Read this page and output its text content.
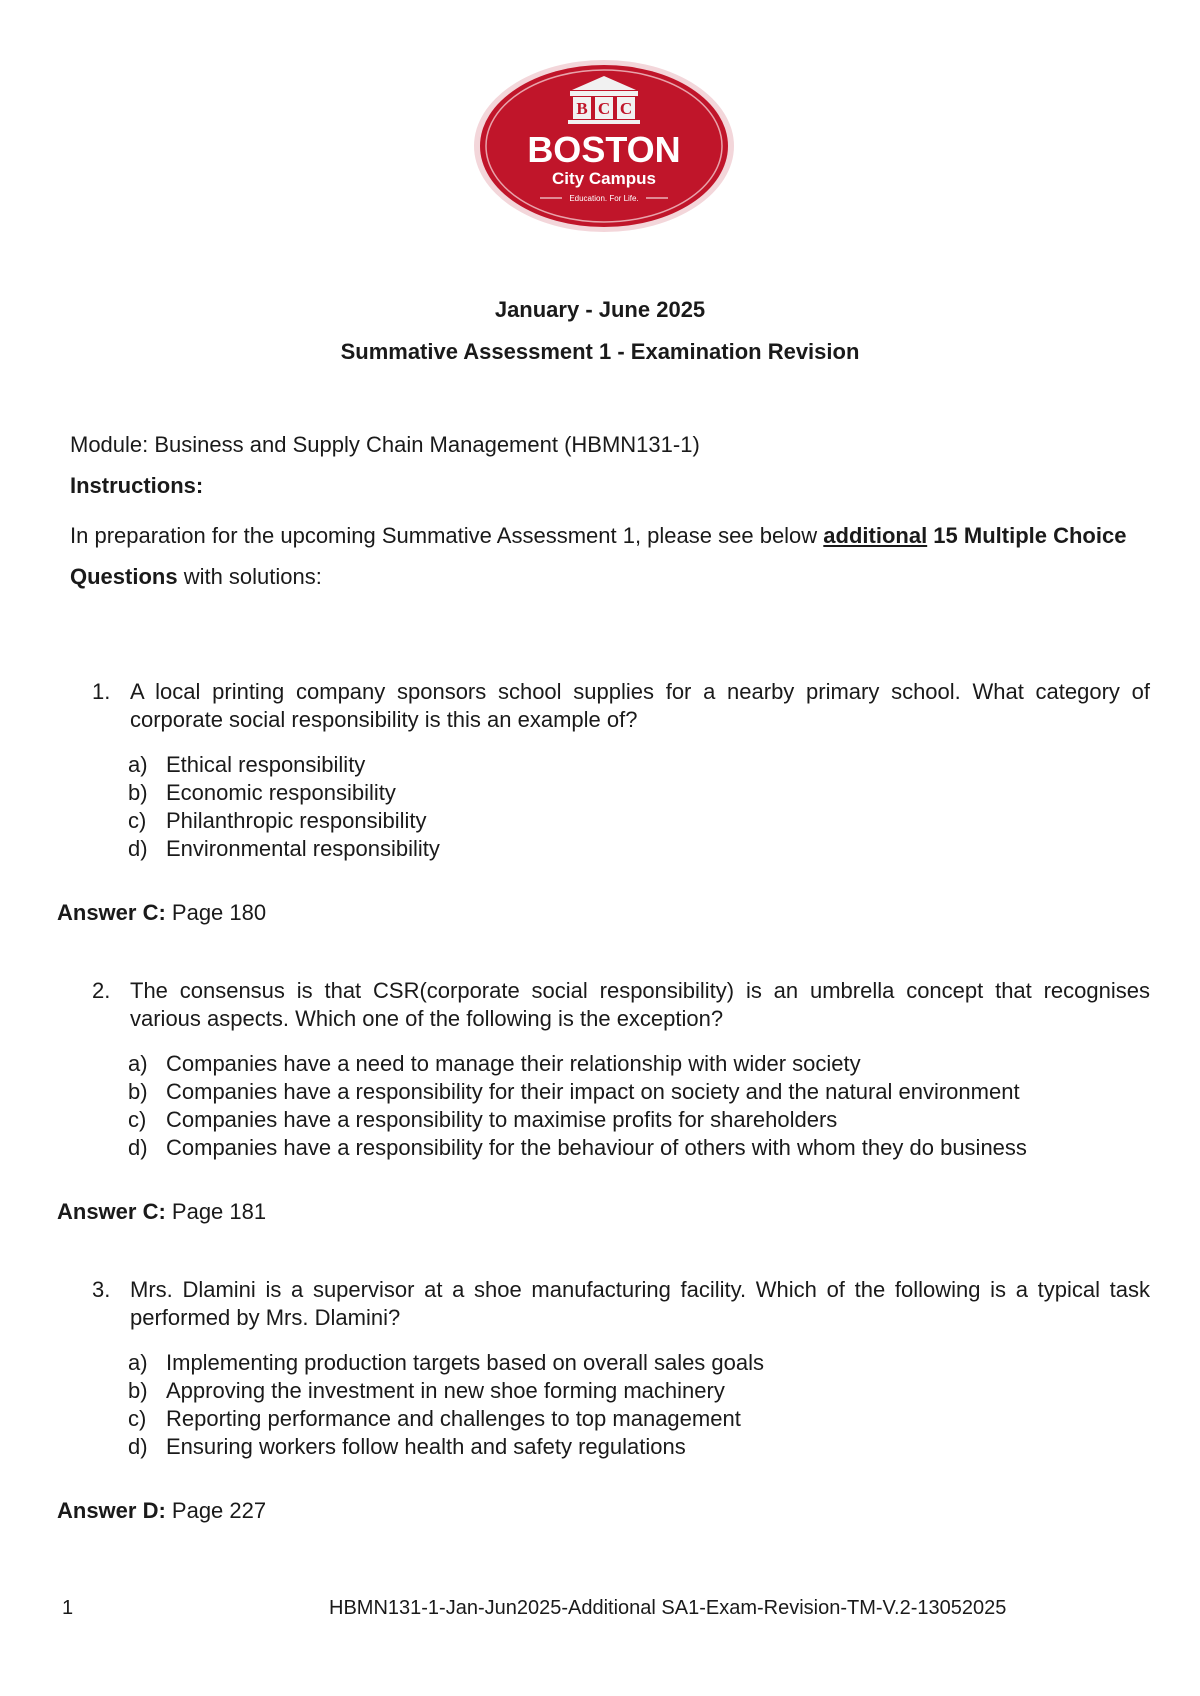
B C C
BOSTON
City Campus
Education. For Life.
January - June 2025
Summative Assessment 1 - Examination Revision
Module: Business and Supply Chain Management (HBMN131-1)
Instructions:
In preparation for the upcoming Summative Assessment 1, please see below additional 15 Multiple Choice Questions with solutions:
1. A local printing company sponsors school supplies for a nearby primary school. What category of corporate social responsibility is this an example of?
a) Ethical responsibility
b) Economic responsibility
c) Philanthropic responsibility
d) Environmental responsibility
Answer C: Page 180
2. The consensus is that CSR(corporate social responsibility) is an umbrella concept that recognises various aspects. Which one of the following is the exception?
a) Companies have a need to manage their relationship with wider society
b) Companies have a responsibility for their impact on society and the natural environment
c) Companies have a responsibility to maximise profits for shareholders
d) Companies have a responsibility for the behaviour of others with whom they do business
Answer C: Page 181
3. Mrs. Dlamini is a supervisor at a shoe manufacturing facility. Which of the following is a typical task performed by Mrs. Dlamini?
a) Implementing production targets based on overall sales goals
b) Approving the investment in new shoe forming machinery
c) Reporting performance and challenges to top management
d) Ensuring workers follow health and safety regulations
Answer D: Page 227
1	HBMN131-1-Jan-Jun2025-Additional SA1-Exam-Revision-TM-V.2-13052025
